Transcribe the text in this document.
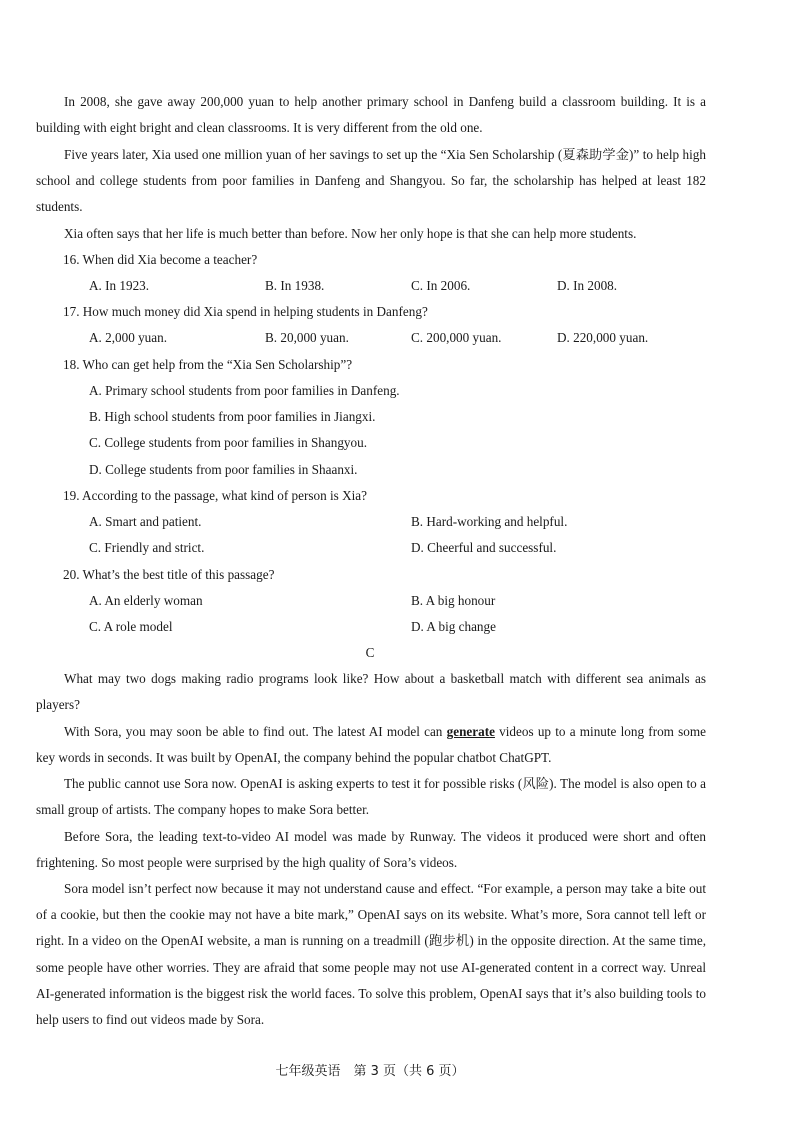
In 2008, she gave away 200,000 yuan to help another primary school in Danfeng build a classroom building. It is a building with eight bright and clean classrooms. It is very different from the old one.

Five years later, Xia used one million yuan of her savings to set up the “Xia Sen Scholarship (夏森助学金)” to help high school and college students from poor families in Danfeng and Shangyou. So far, the scholarship has helped at least 182 students.

Xia often says that her life is much better than before. Now her only hope is that she can help more students.

16. When did Xia become a teacher?
A. In 1923.	B. In 1938.	C. In 2006.	D. In 2008.
17. How much money did Xia spend in helping students in Danfeng?
A. 2,000 yuan.	B. 20,000 yuan.	C. 200,000 yuan.	D. 220,000 yuan.
18. Who can get help from the “Xia Sen Scholarship”?
A. Primary school students from poor families in Danfeng.
B. High school students from poor families in Jiangxi.
C. College students from poor families in Shangyou.
D. College students from poor families in Shaanxi.
19. According to the passage, what kind of person is Xia?
A. Smart and patient.	B. Hard-working and helpful.
C. Friendly and strict.	D. Cheerful and successful.
20. What’s the best title of this passage?
A. An elderly woman	B. A big honour
C. A role model	D. A big change
C

What may two dogs making radio programs look like? How about a basketball match with different sea animals as players?

With Sora, you may soon be able to find out. The latest AI model can generate videos up to a minute long from some key words in seconds. It was built by OpenAI, the company behind the popular chatbot ChatGPT.

The public cannot use Sora now. OpenAI is asking experts to test it for possible risks (风险). The model is also open to a small group of artists. The company hopes to make Sora better.

Before Sora, the leading text-to-video AI model was made by Runway. The videos it produced were short and often frightening. So most people were surprised by the high quality of Sora’s videos.

Sora model isn’t perfect now because it may not understand cause and effect. “For example, a person may take a bite out of a cookie, but then the cookie may not have a bite mark,” OpenAI says on its website. What’s more, Sora cannot tell left or right. In a video on the OpenAI website, a man is running on a treadmill (跑步机) in the opposite direction. At the same time, some people have other worries. They are afraid that some people may not use AI-generated content in a correct way. Unreal AI-generated information is the biggest risk the world faces. To solve this problem, OpenAI says that it’s also building tools to help users to find out videos made by Sora.

七年级英语　第 3 页（共 6 页）
